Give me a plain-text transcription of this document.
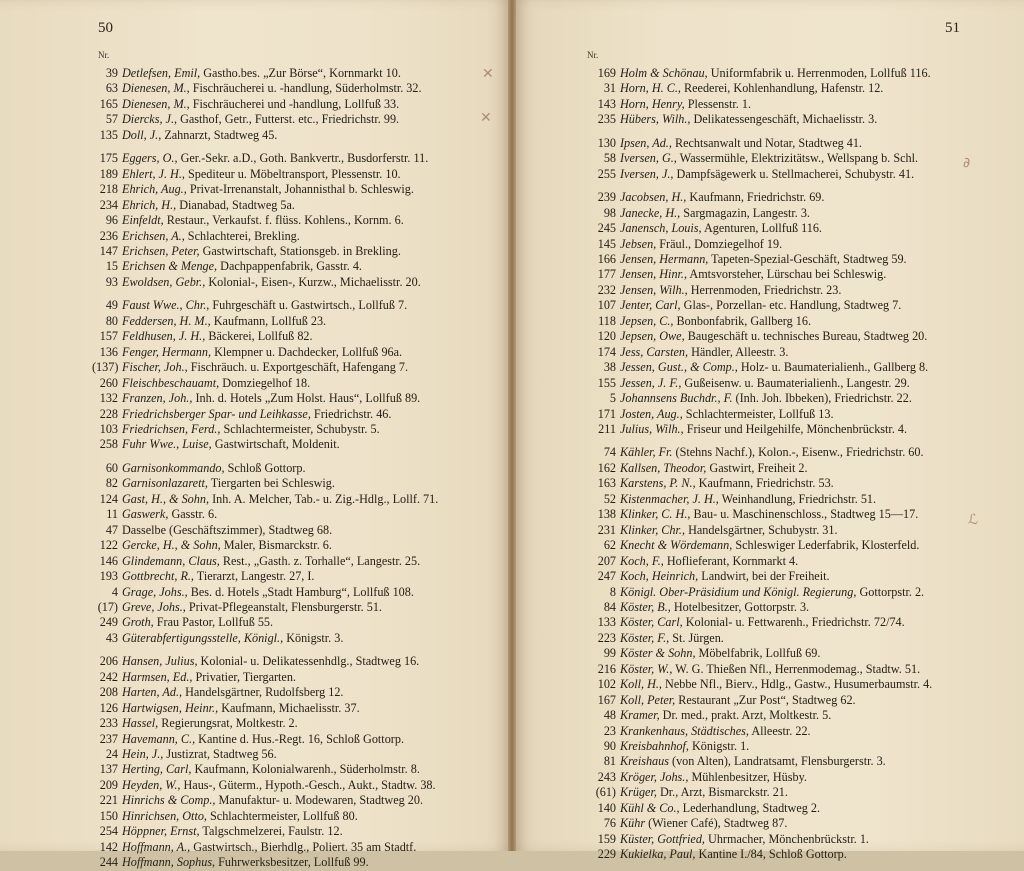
50
Nr.
39 Detlefsen, Emil, Gastho.bes. „Zur Börse“, Kornmarkt 10.
63 Dienesen, M., Fischräucherei u. -handlung, Süderholmstr. 32.
165 Dienesen, M., Fischräucherei und -handlung, Lollfuß 33.
57 Diercks, J., Gasthof, Getr., Futterst. etc., Friedrichstr. 99.
135 Doll, J., Zahnarzt, Stadtweg 45.
175 Eggers, O., Ger.-Sekr. a.D., Goth. Bankvertr., Busdorferstr. 11.
189 Ehlert, J. H., Spediteur u. Möbeltransport, Plessenstr. 10.
218 Ehrich, Aug., Privat-Irrenanstalt, Johannisthal b. Schleswig.
234 Ehrich, H., Dianabad, Stadtweg 5a.
96 Einfeldt, Restaur., Verkaufst. f. flüss. Kohlens., Kornm. 6.
236 Erichsen, A., Schlachterei, Brekling.
147 Erichsen, Peter, Gastwirtschaft, Stationsgeb. in Brekling.
15 Erichsen & Menge, Dachpappenfabrik, Gasstr. 4.
93 Ewoldsen, Gebr., Kolonial-, Eisen-, Kurzw., Michaelisstr. 20.
49 Faust Wwe., Chr., Fuhrgeschäft u. Gastwirtsch., Lollfuß 7.
80 Feddersen, H. M., Kaufmann, Lollfuß 23.
157 Feldhusen, J. H., Bäckerei, Lollfuß 82.
136 Fenger, Hermann, Klempner u. Dachdecker, Lollfuß 96a.
(137) Fischer, Joh., Fischräuch. u. Exportgeschäft, Hafengang 7.
260 Fleischbeschauamt, Domziegelhof 18.
132 Franzen, Joh., Inh. d. Hotels „Zum Holst. Haus“, Lollfuß 89.
228 Friedrichsberger Spar- und Leihkasse, Friedrichstr. 46.
103 Friedrichsen, Ferd., Schlachtermeister, Schubystr. 5.
258 Fuhr Wwe., Luise, Gastwirtschaft, Moldenit.
60 Garnisonkommando, Schloß Gottorp.
82 Garnisonlazarett, Tiergarten bei Schleswig.
124 Gast, H., & Sohn, Inh. A. Melcher, Tab.- u. Zig.-Hdlg., Lollf. 71.
11 Gaswerk, Gasstr. 6.
47 Dasselbe (Geschäftszimmer), Stadtweg 68.
122 Gercke, H., & Sohn, Maler, Bismarckstr. 6.
146 Glindemann, Claus, Rest., „Gasth. z. Torhalle“, Langestr. 25.
193 Gottbrecht, R., Tierarzt, Langestr. 27, I.
4 Grage, Johs., Bes. d. Hotels „Stadt Hamburg“, Lollfuß 108.
(17) Greve, Johs., Privat-Pflegeanstalt, Flensburgerstr. 51.
249 Groth, Frau Pastor, Lollfuß 55.
43 Güterabfertigungsstelle, Königl., Königstr. 3.
206 Hansen, Julius, Kolonial- u. Delikatessenhdlg., Stadtweg 16.
242 Harmsen, Ed., Privatier, Tiergarten.
208 Harten, Ad., Handelsgärtner, Rudolfsberg 12.
126 Hartwigsen, Heinr., Kaufmann, Michaelisstr. 37.
233 Hassel, Regierungsrat, Moltkestr. 2.
237 Havemann, C., Kantine d. Hus.-Regt. 16, Schloß Gottorp.
24 Hein, J., Justizrat, Stadtweg 56.
137 Herting, Carl, Kaufmann, Kolonialwarenh., Süderholmstr. 8.
209 Heyden, W., Haus-, Güterm., Hypoth.-Gesch., Aukt., Stadtw. 38.
221 Hinrichs & Comp., Manufaktur- u. Modewaren, Stadtweg 20.
150 Hinrichsen, Otto, Schlachtermeister, Lollfuß 80.
254 Höppner, Ernst, Talgschmelzerei, Faulstr. 12.
142 Hoffmann, A., Gastwirtsch., Bierhdlg., Poliert. 35 am Stadtf.
244 Hoffmann, Sophus, Fuhrwerksbesitzer, Lollfuß 99.
51
Nr.
169 Holm & Schönau, Uniformfabrik u. Herrenmoden, Lollfuß 116.
31 Horn, H. C., Reederei, Kohlenhandlung, Hafenstr. 12.
143 Horn, Henry, Plessenstr. 1.
235 Hübers, Wilh., Delikatessengeschäft, Michaelisstr. 3.
130 Ipsen, Ad., Rechtsanwalt und Notar, Stadtweg 41.
58 Iversen, G., Wassermühle, Elektrizitätsw., Wellspang b. Schl.
255 Iversen, J., Dampfsägewerk u. Stellmacherei, Schubystr. 41.
239 Jacobsen, H., Kaufmann, Friedrichstr. 69.
98 Janecke, H., Sargmagazin, Langestr. 3.
245 Janensch, Louis, Agenturen, Lollfuß 116.
145 Jebsen, Fräul., Domziegelhof 19.
166 Jensen, Hermann, Tapeten-Spezial-Geschäft, Stadtweg 59.
177 Jensen, Hinr., Amtsvorsteher, Lürschau bei Schleswig.
232 Jensen, Wilh., Herrenmoden, Friedrichstr. 23.
107 Jenter, Carl, Glas-, Porzellan- etc. Handlung, Stadtweg 7.
118 Jepsen, C., Bonbonfabrik, Gallberg 16.
120 Jepsen, Owe, Baugeschäft u. technisches Bureau, Stadtweg 20.
174 Jess, Carsten, Händler, Alleestr. 3.
38 Jessen, Gust., & Comp., Holz- u. Baumaterialienh., Gallberg 8.
155 Jessen, J. F., Gußeisenw. u. Baumaterialienh., Langestr. 29.
5 Johannsens Buchdr., F. (Inh. Joh. Ibbeken), Friedrichstr. 22.
171 Josten, Aug., Schlachtermeister, Lollfuß 13.
211 Julius, Wilh., Friseur und Heilgehilfe, Mönchenbrückstr. 4.
74 Kähler, Fr. (Stehns Nachf.), Kolon.-, Eisenw., Friedrichstr. 60.
162 Kallsen, Theodor, Gastwirt, Freiheit 2.
163 Karstens, P. N., Kaufmann, Friedrichstr. 53.
52 Kistenmacher, J. H., Weinhandlung, Friedrichstr. 51.
138 Klinker, C. H., Bau- u. Maschinenschloss., Stadtweg 15—17.
231 Klinker, Chr., Handelsgärtner, Schubystr. 31.
62 Knecht & Wördemann, Schleswiger Lederfabrik, Klosterfeld.
207 Koch, F., Hoflieferant, Kornmarkt 4.
247 Koch, Heinrich, Landwirt, bei der Freiheit.
8 Königl. Ober-Präsidium und Königl. Regierung, Gottorpstr. 2.
84 Köster, B., Hotelbesitzer, Gottorpstr. 3.
133 Köster, Carl, Kolonial- u. Fettwarenh., Friedrichstr. 72/74.
223 Köster, F., St. Jürgen.
99 Köster & Sohn, Möbelfabrik, Lollfuß 69.
216 Köster, W., W. G. Thießen Nfl., Herrenmodemag., Stadtw. 51.
102 Koll, H., Nebbe Nfl., Bierv., Hdlg., Gastw., Husumerbaumstr. 4.
167 Koll, Peter, Restaurant „Zur Post“, Stadtweg 62.
48 Kramer, Dr. med., prakt. Arzt, Moltkestr. 5.
23 Krankenhaus, Städtisches, Alleestr. 22.
90 Kreisbahnhof, Königstr. 1.
81 Kreishaus (von Alten), Landratsamt, Flensburgerstr. 3.
243 Kröger, Johs., Mühlenbesitzer, Hüsby.
(61) Krüger, Dr., Arzt, Bismarckstr. 21.
140 Kühl & Co., Lederhandlung, Stadtweg 2.
76 Kühr (Wiener Café), Stadtweg 87.
159 Küster, Gottfried, Uhrmacher, Mönchenbrückstr. 1.
229 Kukielka, Paul, Kantine I./84, Schloß Gottorp.
✕
✕
∂
ℒ
